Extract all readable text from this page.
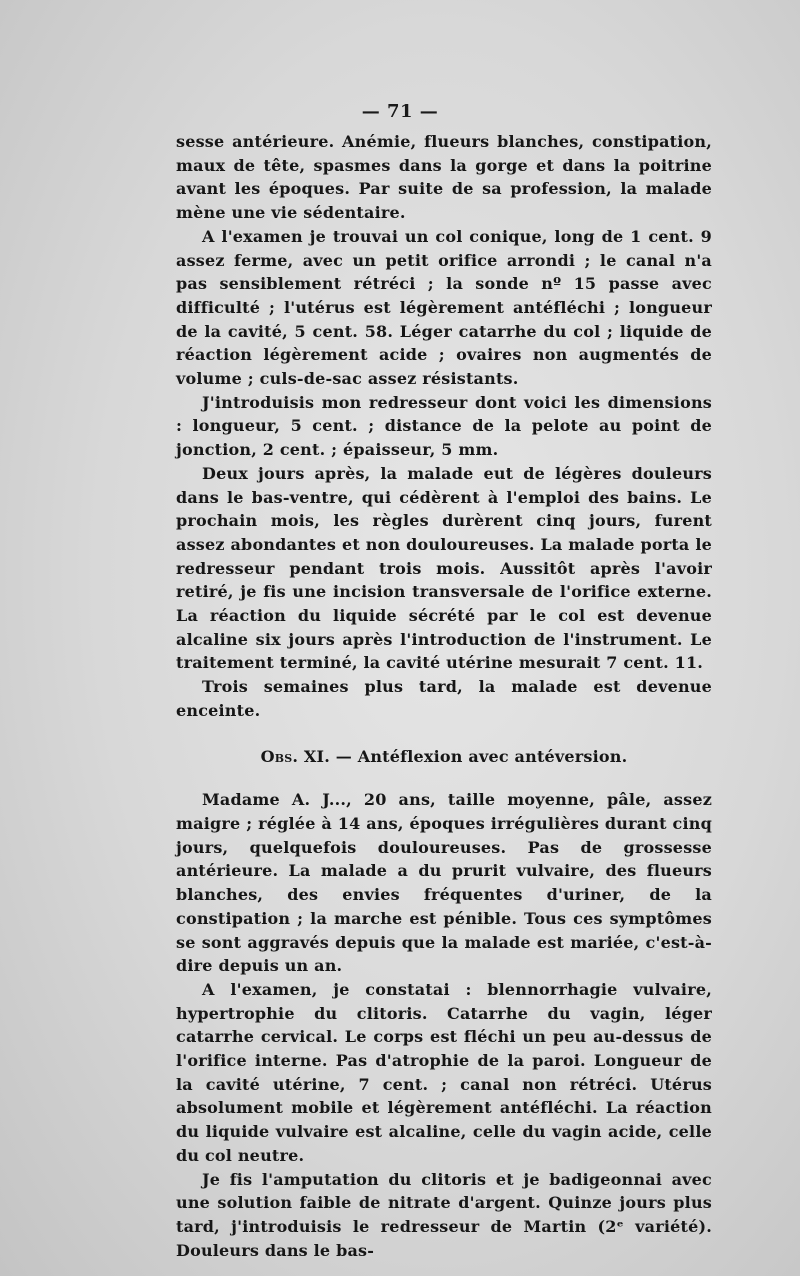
— 71 —

sesse antérieure. Anémie, flueurs blanches, constipation, maux de tête, spasmes dans la gorge et dans la poitrine avant les époques. Par suite de sa profession, la malade mène une vie sédentaire.

A l'examen je trouvai un col conique, long de 1 cent. 9 assez ferme, avec un petit orifice arrondi ; le canal n'a pas sensiblement rétréci ; la sonde nº 15 passe avec difficulté ; l'utérus est légèrement antéfléchi ; longueur de la cavité, 5 cent. 58. Léger catarrhe du col ; liquide de réaction légèrement acide ; ovaires non augmentés de volume ; culs-de-sac assez résistants.

J'introduisis mon redresseur dont voici les dimensions : longueur, 5 cent. ; distance de la pelote au point de jonction, 2 cent. ; épaisseur, 5 mm.

Deux jours après, la malade eut de légères douleurs dans le bas-ventre, qui cédèrent à l'emploi des bains. Le prochain mois, les règles durèrent cinq jours, furent assez abondantes et non douloureuses. La malade porta le redresseur pendant trois mois. Aussitôt après l'avoir retiré, je fis une incision transversale de l'orifice externe. La réaction du liquide sécrété par le col est devenue alcaline six jours après l'introduction de l'instrument. Le traitement terminé, la cavité utérine mesurait 7 cent. 11.

Trois semaines plus tard, la malade est devenue enceinte.

Obs. XI. — Antéflexion avec antéversion.

Madame A. J..., 20 ans, taille moyenne, pâle, assez maigre ; réglée à 14 ans, époques irrégulières durant cinq jours, quelquefois douloureuses. Pas de grossesse antérieure. La malade a du prurit vulvaire, des flueurs blanches, des envies fréquentes d'uriner, de la constipation ; la marche est pénible. Tous ces symptômes se sont aggravés depuis que la malade est mariée, c'est-à-dire depuis un an.

A l'examen, je constatai : blennorrhagie vulvaire, hypertrophie du clitoris. Catarrhe du vagin, léger catarrhe cervical. Le corps est fléchi un peu au-dessus de l'orifice interne. Pas d'atrophie de la paroi. Longueur de la cavité utérine, 7 cent. ; canal non rétréci. Utérus absolument mobile et légèrement antéfléchi. La réaction du liquide vulvaire est alcaline, celle du vagin acide, celle du col neutre.

Je fis l'amputation du clitoris et je badigeonnai avec une solution faible de nitrate d'argent. Quinze jours plus tard, j'introduisis le redresseur de Martin (2ᵉ variété). Douleurs dans le bas-
